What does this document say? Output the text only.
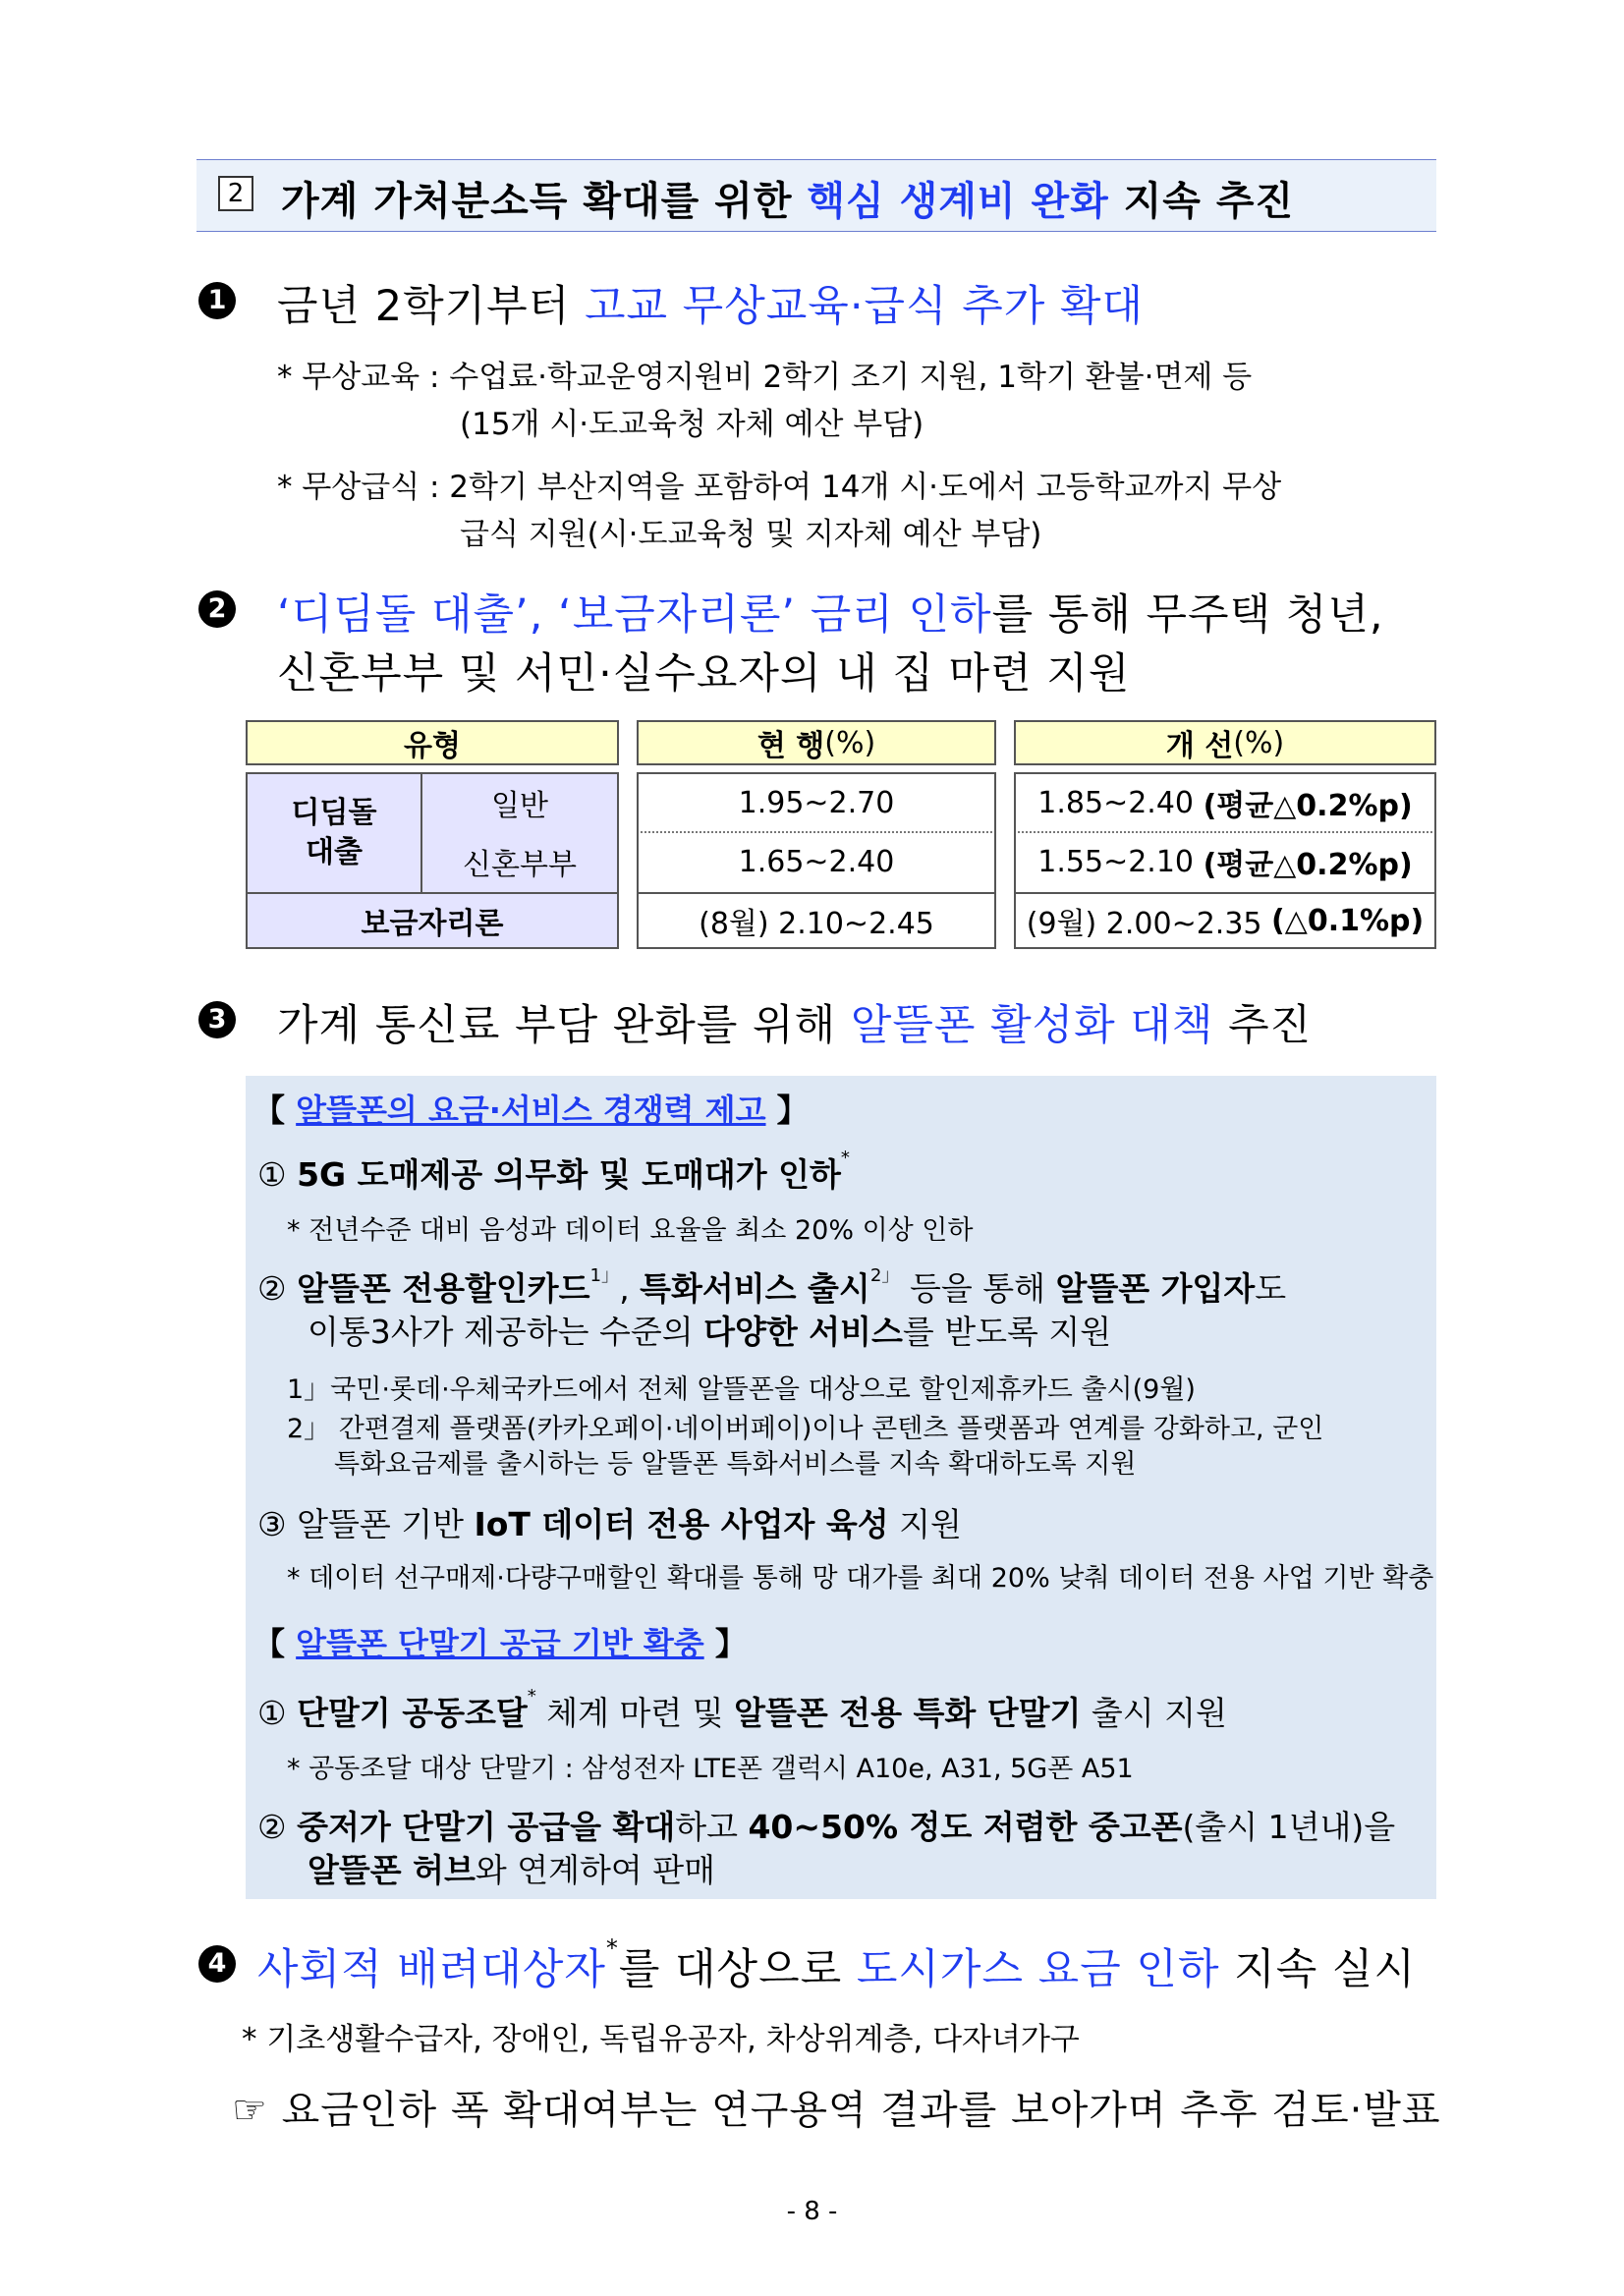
2 가계 가처분소득 확대를 위한 핵심 생계비 완화 지속 추진
1 금년 2학기부터 고교 무상교육·급식 추가 확대
* 무상교육 : 수업료·학교운영지원비 2학기 조기 지원, 1학기 환불·면제 등
(15개 시·도교육청 자체 예산 부담)
* 무상급식 : 2학기 부산지역을 포함하여 14개 시·도에서 고등학교까지 무상
급식 지원(시·도교육청 및 지자체 예산 부담)
2 ‘디딤돌 대출’, ‘보금자리론’ 금리 인하를 통해 무주택 청년,
신혼부부 및 서민·실수요자의 내 집 마련 지원
유형	현 행 (%)	개 선 (%)
디딤돌
대출
일반
신혼부부
보금자리론
1.95~2.70
1.65~2.40
(8월) 2.10~2.45
1.85~2.40 (평균△0.2%p)
1.55~2.10 (평균△0.2%p)
(9월) 2.00~2.35 (△0.1%p)
3 가계 통신료 부담 완화를 위해 알뜰폰 활성화 대책 추진
【 알뜰폰의 요금·서비스 경쟁력 제고 】
① 5G 도매제공 의무화 및 도매대가 인하*
* 전년수준 대비 음성과 데이터 요율을 최소 20% 이상 인하
② 알뜰폰 전용할인카드$^{1」}$, 특화서비스 출시$^{2」}$ 등을 통해 알뜰폰 가입자도
이통3사가 제공하는 수준의 다양한 서비스를 받도록 지원
1」국민·롯데·우체국카드에서 전체 알뜰폰을 대상으로 할인제휴카드 출시(9월)
2」 간편결제 플랫폼(카카오페이·네이버페이)이나 콘텐츠 플랫폼과 연계를 강화하고, 군인
특화요금제를 출시하는 등 알뜰폰 특화서비스를 지속 확대하도록 지원
③ 알뜰폰 기반 IoT 데이터 전용 사업자 육성 지원
* 데이터 선구매제·다량구매할인 확대를 통해 망 대가를 최대 20% 낮춰 데이터 전용 사업 기반 확충
【 알뜰폰 단말기 공급 기반 확충 】
① 단말기 공동조달* 체계 마련 및 알뜰폰 전용 특화 단말기 출시 지원
* 공동조달 대상 단말기 : 삼성전자 LTE폰 갤럭시 A10e, A31, 5G폰 A51
② 중저가 단말기 공급을 확대하고 40~50% 정도 저렴한 중고폰(출시 1년내)을
알뜰폰 허브와 연계하여 판매
4 사회적 배려대상자*를 대상으로 도시가스 요금 인하 지속 실시
* 기초생활수급자, 장애인, 독립유공자, 차상위계층, 다자녀가구
☞ 요금인하 폭 확대여부는 연구용역 결과를 보아가며 추후 검토·발표
- 8 -
